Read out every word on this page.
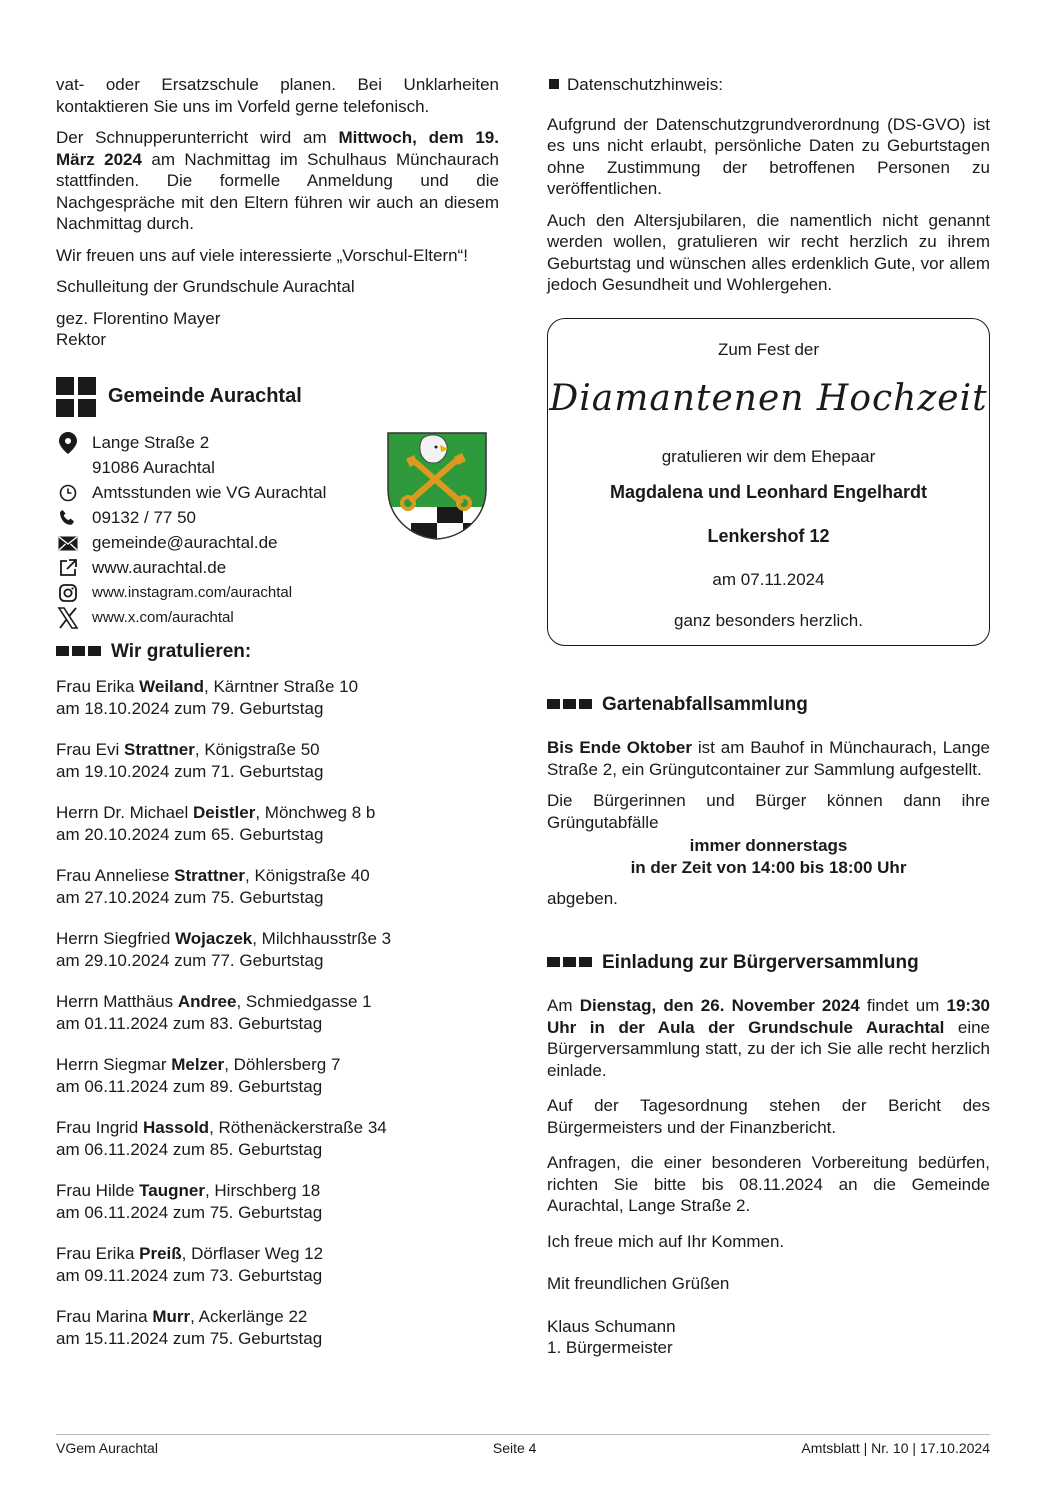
vat- oder Ersatzschule planen. Bei Unklarheiten kontaktieren Sie uns im Vorfeld gerne telefonisch.

Der Schnupperunterricht wird am Mittwoch, dem 19. März 2024 am Nachmittag im Schulhaus Münchaurach stattfinden. Die formelle Anmeldung und die Nachgespräche mit den Eltern führen wir auch an diesem Nachmittag durch.

Wir freuen uns auf viele interessierte „Vorschul-Eltern“!

Schulleitung der Grundschule Aurachtal

gez. Florentino Mayer
Rektor

Gemeinde Aurachtal
Lange Straße 2
91086 Aurachtal
Amtsstunden wie VG Aurachtal
09132 / 77 50
gemeinde@aurachtal.de
www.aurachtal.de
www.instagram.com/aurachtal
www.x.com/aurachtal
Wir gratulieren:
Frau Erika Weiland, Kärntner Straße 10
am 18.10.2024 zum 79. Geburtstag
Frau Evi Strattner, Königstraße 50
am 19.10.2024 zum 71. Geburtstag
Herrn Dr. Michael Deistler, Mönchweg 8 b
am 20.10.2024 zum 65. Geburtstag
Frau Anneliese Strattner, Königstraße 40
am 27.10.2024 zum 75. Geburtstag
Herrn Siegfried Wojaczek, Milchhausstrße 3
am 29.10.2024 zum 77. Geburtstag
Herrn Matthäus Andree, Schmiedgasse 1
am 01.11.2024 zum 83. Geburtstag
Herrn Siegmar Melzer, Döhlersberg 7
am 06.11.2024 zum 89. Geburtstag
Frau Ingrid Hassold, Röthenäckerstraße 34
am 06.11.2024 zum 85. Geburtstag
Frau Hilde Taugner, Hirschberg 18
am 06.11.2024 zum 75. Geburtstag
Frau Erika Preiß, Dörflaser Weg 12
am 09.11.2024 zum 73. Geburtstag
Frau Marina Murr, Ackerlänge 22
am 15.11.2024 zum 75. Geburtstag

Datenschutzhinweis:

Aufgrund der Datenschutzgrundverordnung (DS-GVO) ist es uns nicht erlaubt, persönliche Daten zu Geburtstagen ohne Zustimmung der betroffenen Personen zu veröffentlichen.

Auch den Altersjubilaren, die namentlich nicht genannt werden wollen, gratulieren wir recht herzlich zu ihrem Geburtstag und wünschen alles erdenklich Gute, vor allem jedoch Gesundheit und Wohlergehen.

Zum Fest der
Diamantenen Hochzeit
gratulieren wir dem Ehepaar
Magdalena und Leonhard Engelhardt
Lenkershof 12
am 07.11.2024
ganz besonders herzlich.
Gartenabfallsammlung

Bis Ende Oktober ist am Bauhof in Münchaurach, Lange Straße 2, ein Grüngutcontainer zur Sammlung aufgestellt.

Die Bürgerinnen und Bürger können dann ihre Grüngutabfälle

immer donnerstags
in der Zeit von 14:00 bis 18:00 Uhr

abgeben.

Einladung zur Bürgerversammlung

Am Dienstag, den 26. November 2024 findet um 19:30 Uhr in der Aula der Grundschule Aurachtal eine Bürgerversammlung statt, zu der ich Sie alle recht herzlich einlade.

Auf der Tagesordnung stehen der Bericht des Bürgermeisters und der Finanzbericht.

Anfragen, die einer besonderen Vorbereitung bedürfen, richten Sie bitte bis 08.11.2024 an die Gemeinde Aurachtal, Lange Straße 2.

Ich freue mich auf Ihr Kommen.

Mit freundlichen Grüßen

Klaus Schumann
1. Bürgermeister

VGem Aurachtal	Seite 4	Amtsblatt | Nr. 10 | 17.10.2024
